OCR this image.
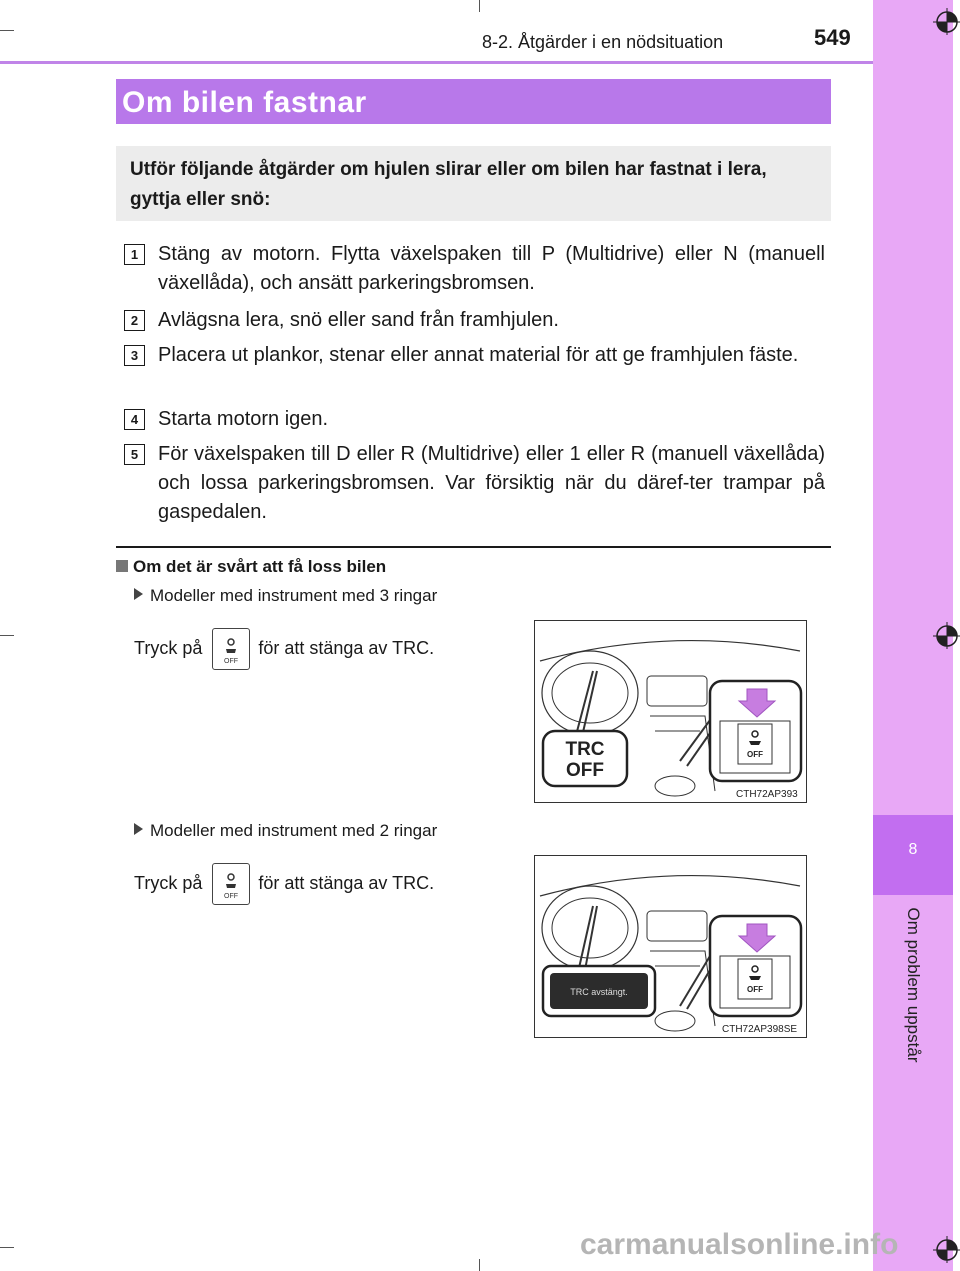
8-2. Åtgärder i en nödsituation	549
8
Om problem uppstår
Om bilen fastnar

Utför följande åtgärder om hjulen slirar eller om bilen har fastnat i lera, gyttja eller snö:

1 Stäng av motorn. Flytta växelspaken till P (Multidrive) eller N (manuell växellåda), och ansätt parkeringsbromsen.
2 Avlägsna lera, snö eller sand från framhjulen.
3 Placera ut plankor, stenar eller annat material för att ge framhjulen fäste.
4 Starta motorn igen.
5 För växelspaken till D eller R (Multidrive) eller 1 eller R (manuell växellåda) och lossa parkeringsbromsen. Var försiktig när du däref-ter trampar på gaspedalen.
Om det är svårt att få loss bilen
Modeller med instrument med 3 ringar
Tryck på
OFF
för att stänga av TRC.
TRC
OFF
OFF
CTH72AP393
Modeller med instrument med 2 ringar
Tryck på
OFF
för att stänga av TRC.
TRC avstängt.	OFF
CTH72AP398SE
carmanualsonline.info
